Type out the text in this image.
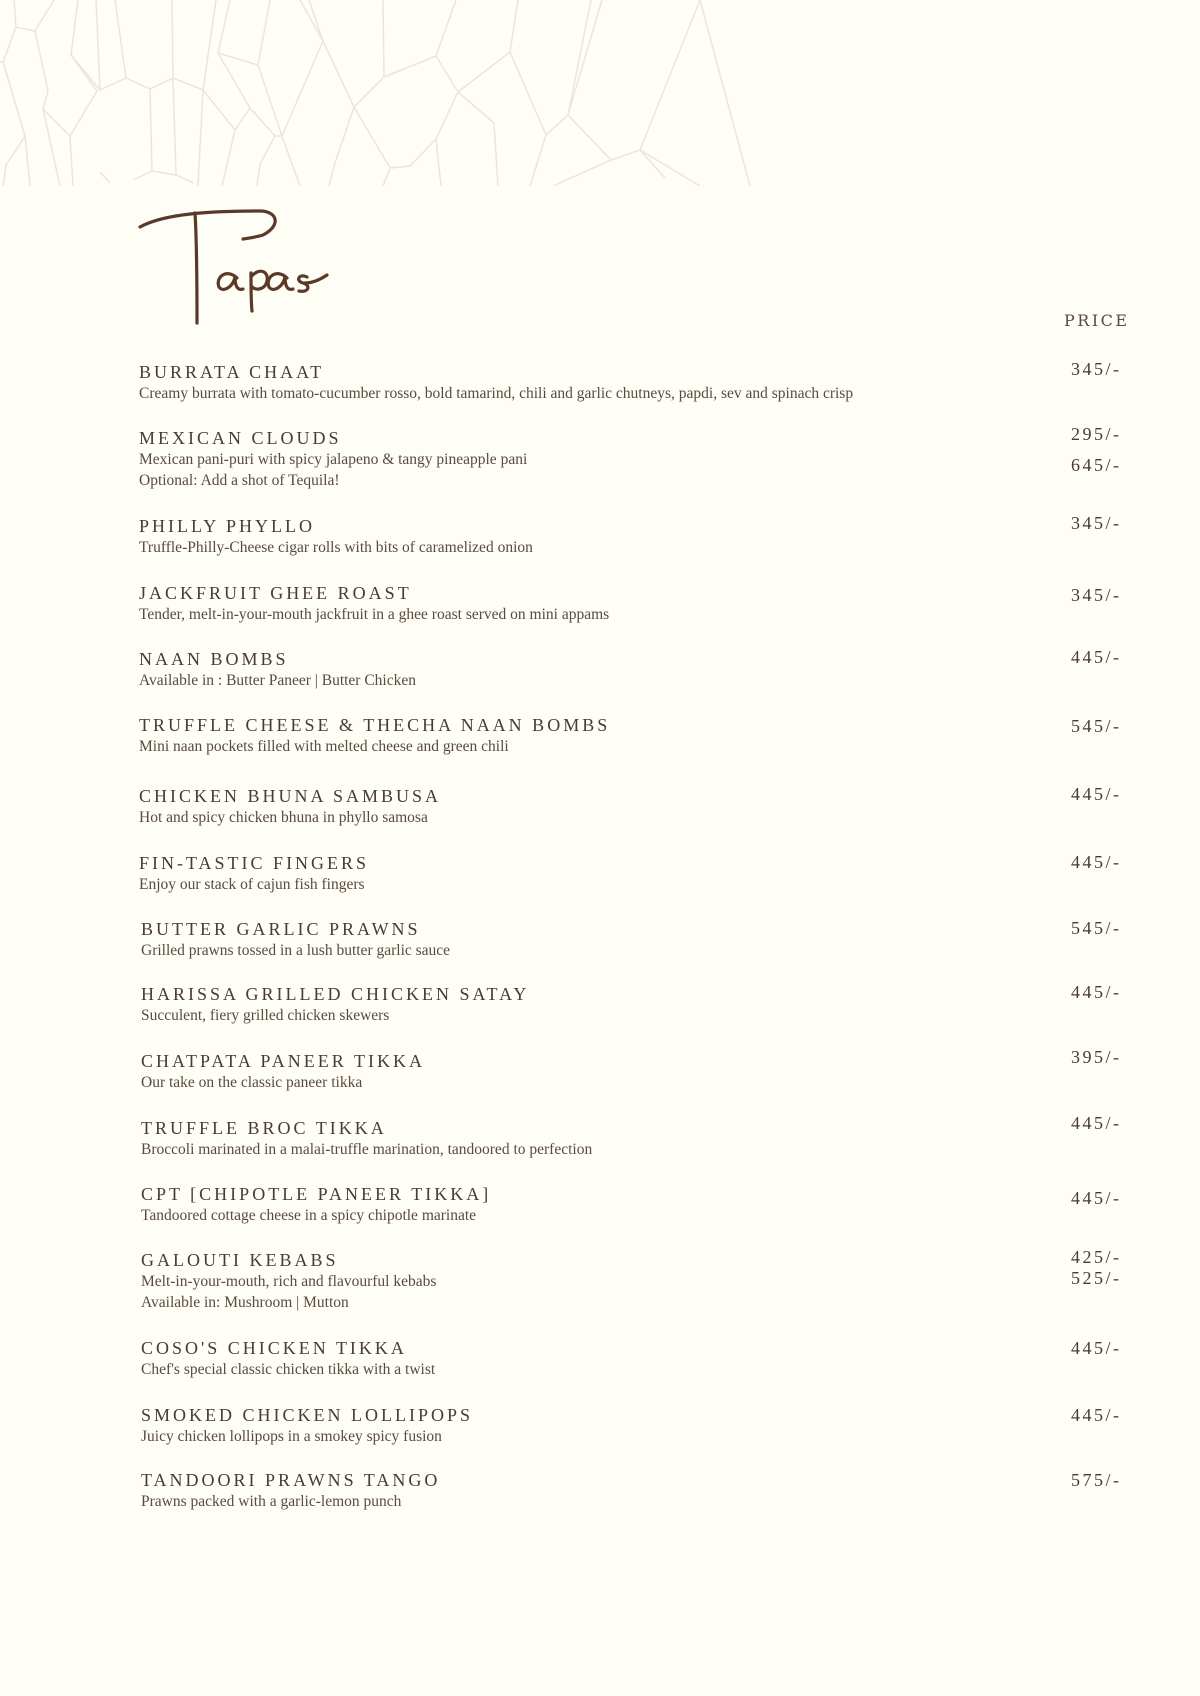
PRICE
BURRATA CHAAT
Creamy burrata with tomato-cucumber rosso, bold tamarind, chili and garlic chutneys, papdi, sev and spinach crisp
345/-
MEXICAN CLOUDS
Mexican pani-puri with spicy jalapeno & tangy pineapple pani
Optional: Add a shot of Tequila!
295/-
645/-
PHILLY PHYLLO
Truffle-Philly-Cheese cigar rolls with bits of caramelized onion
345/-
JACKFRUIT GHEE ROAST
Tender, melt-in-your-mouth jackfruit in a ghee roast served on mini appams
345/-
NAAN BOMBS
Available in : Butter Paneer | Butter Chicken
445/-
TRUFFLE CHEESE & THECHA NAAN BOMBS
Mini naan pockets filled with melted cheese and green chili
545/-
CHICKEN BHUNA SAMBUSA
Hot and spicy chicken bhuna in phyllo samosa
445/-
FIN-TASTIC FINGERS
Enjoy our stack of cajun fish fingers
445/-
BUTTER GARLIC PRAWNS
Grilled prawns tossed in a lush butter garlic sauce
545/-
HARISSA GRILLED CHICKEN SATAY
Succulent, fiery grilled chicken skewers
445/-
CHATPATA PANEER TIKKA
Our take on the classic paneer tikka
395/-
TRUFFLE BROC TIKKA
Broccoli marinated in a malai-truffle marination, tandoored to perfection
445/-
CPT [CHIPOTLE PANEER TIKKA]
Tandoored cottage cheese in a spicy chipotle marinate
445/-
GALOUTI KEBABS
Melt-in-your-mouth, rich and flavourful kebabs
Available in: Mushroom | Mutton
425/-
525/-
COSO'S CHICKEN TIKKA
Chef's special classic chicken tikka with a twist
445/-
SMOKED CHICKEN LOLLIPOPS
Juicy chicken lollipops in a smokey spicy fusion
445/-
TANDOORI PRAWNS TANGO
Prawns packed with a garlic-lemon punch
575/-
